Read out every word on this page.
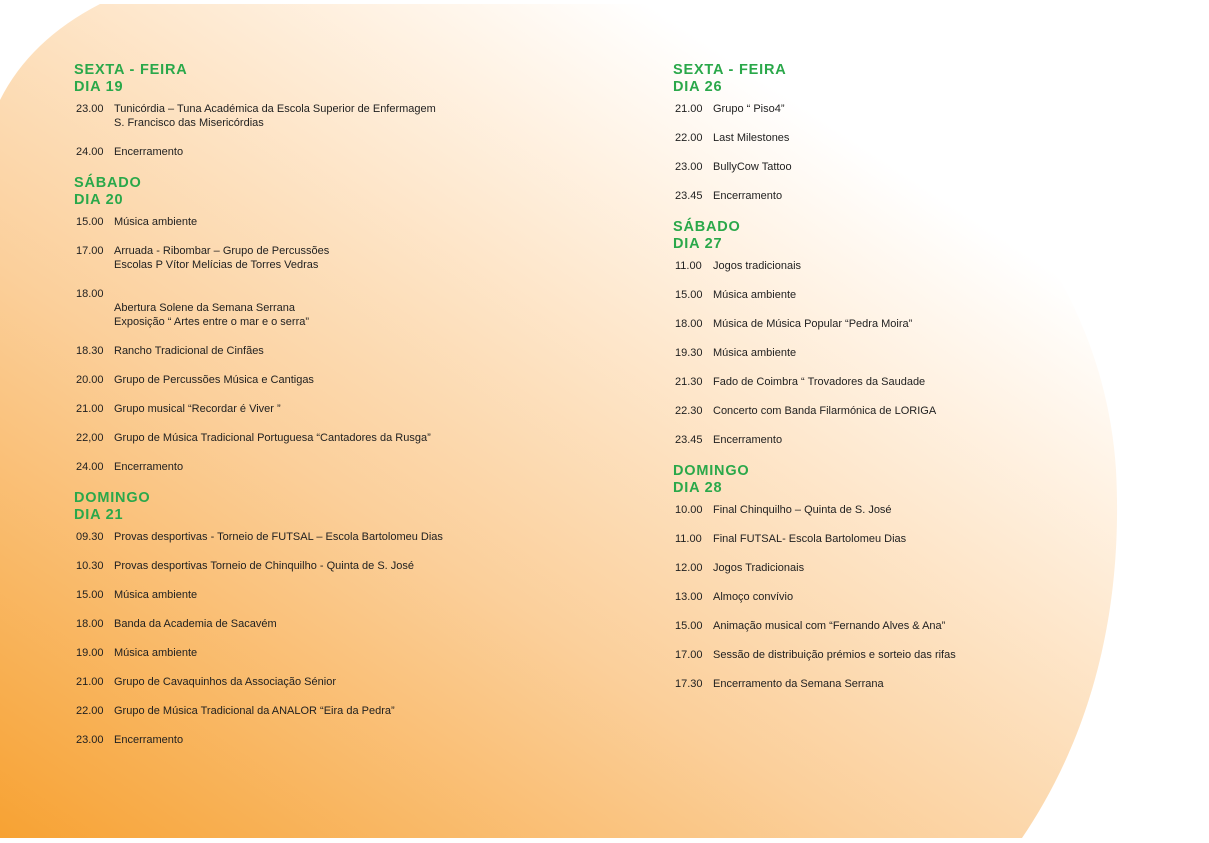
SEXTA - FEIRA
DIA 19
23.00 Tunicórdia – Tuna Académica da Escola Superior de Enfermagem
S. Francisco das Misericórdias
24.00 Encerramento
SÁBADO
DIA 20
15.00 Música ambiente
17.00 Arruada - Ribombar – Grupo de Percussões
Escolas P Vítor Melícias de Torres Vedras
18.00
Abertura Solene da Semana Serrana
Exposição “ Artes entre o mar e o serra”
18.30 Rancho Tradicional de Cinfães
20.00 Grupo de Percussões Música e Cantigas
21.00 Grupo musical “Recordar é Viver ”
22,00 Grupo de Música Tradicional Portuguesa “Cantadores da Rusga”
24.00 Encerramento
DOMINGO
DIA 21
09.30 Provas desportivas - Torneio de FUTSAL – Escola Bartolomeu Dias
10.30 Provas desportivas Torneio de Chinquilho - Quinta de S. José
15.00 Música ambiente
18.00 Banda da Academia de Sacavém
19.00 Música ambiente
21.00 Grupo de Cavaquinhos da Associação Sénior
22.00 Grupo de Música Tradicional da ANALOR “Eira da Pedra”
23.00 Encerramento
SEXTA - FEIRA
DIA 26
21.00 Grupo “ Piso4”
22.00 Last Milestones
23.00 BullyCow Tattoo
23.45 Encerramento
SÁBADO
DIA 27
11.00	Jogos tradicionais
15.00 Música ambiente
18.00 Música de Música Popular “Pedra Moira”
19.30 Música ambiente
21.30 Fado de Coimbra “ Trovadores da Saudade
22.30 Concerto com Banda Filarmónica de LORIGA
23.45 Encerramento
DOMINGO
DIA 28
10.00 Final Chinquilho – Quinta de S. José
11.00	Final FUTSAL- Escola Bartolomeu Dias
12.00 Jogos Tradicionais
13.00 Almoço convívio
15.00 Animação musical com “Fernando Alves & Ana”
17.00 Sessão de distribuição prémios e sorteio das rifas
17.30 Encerramento da Semana Serrana
